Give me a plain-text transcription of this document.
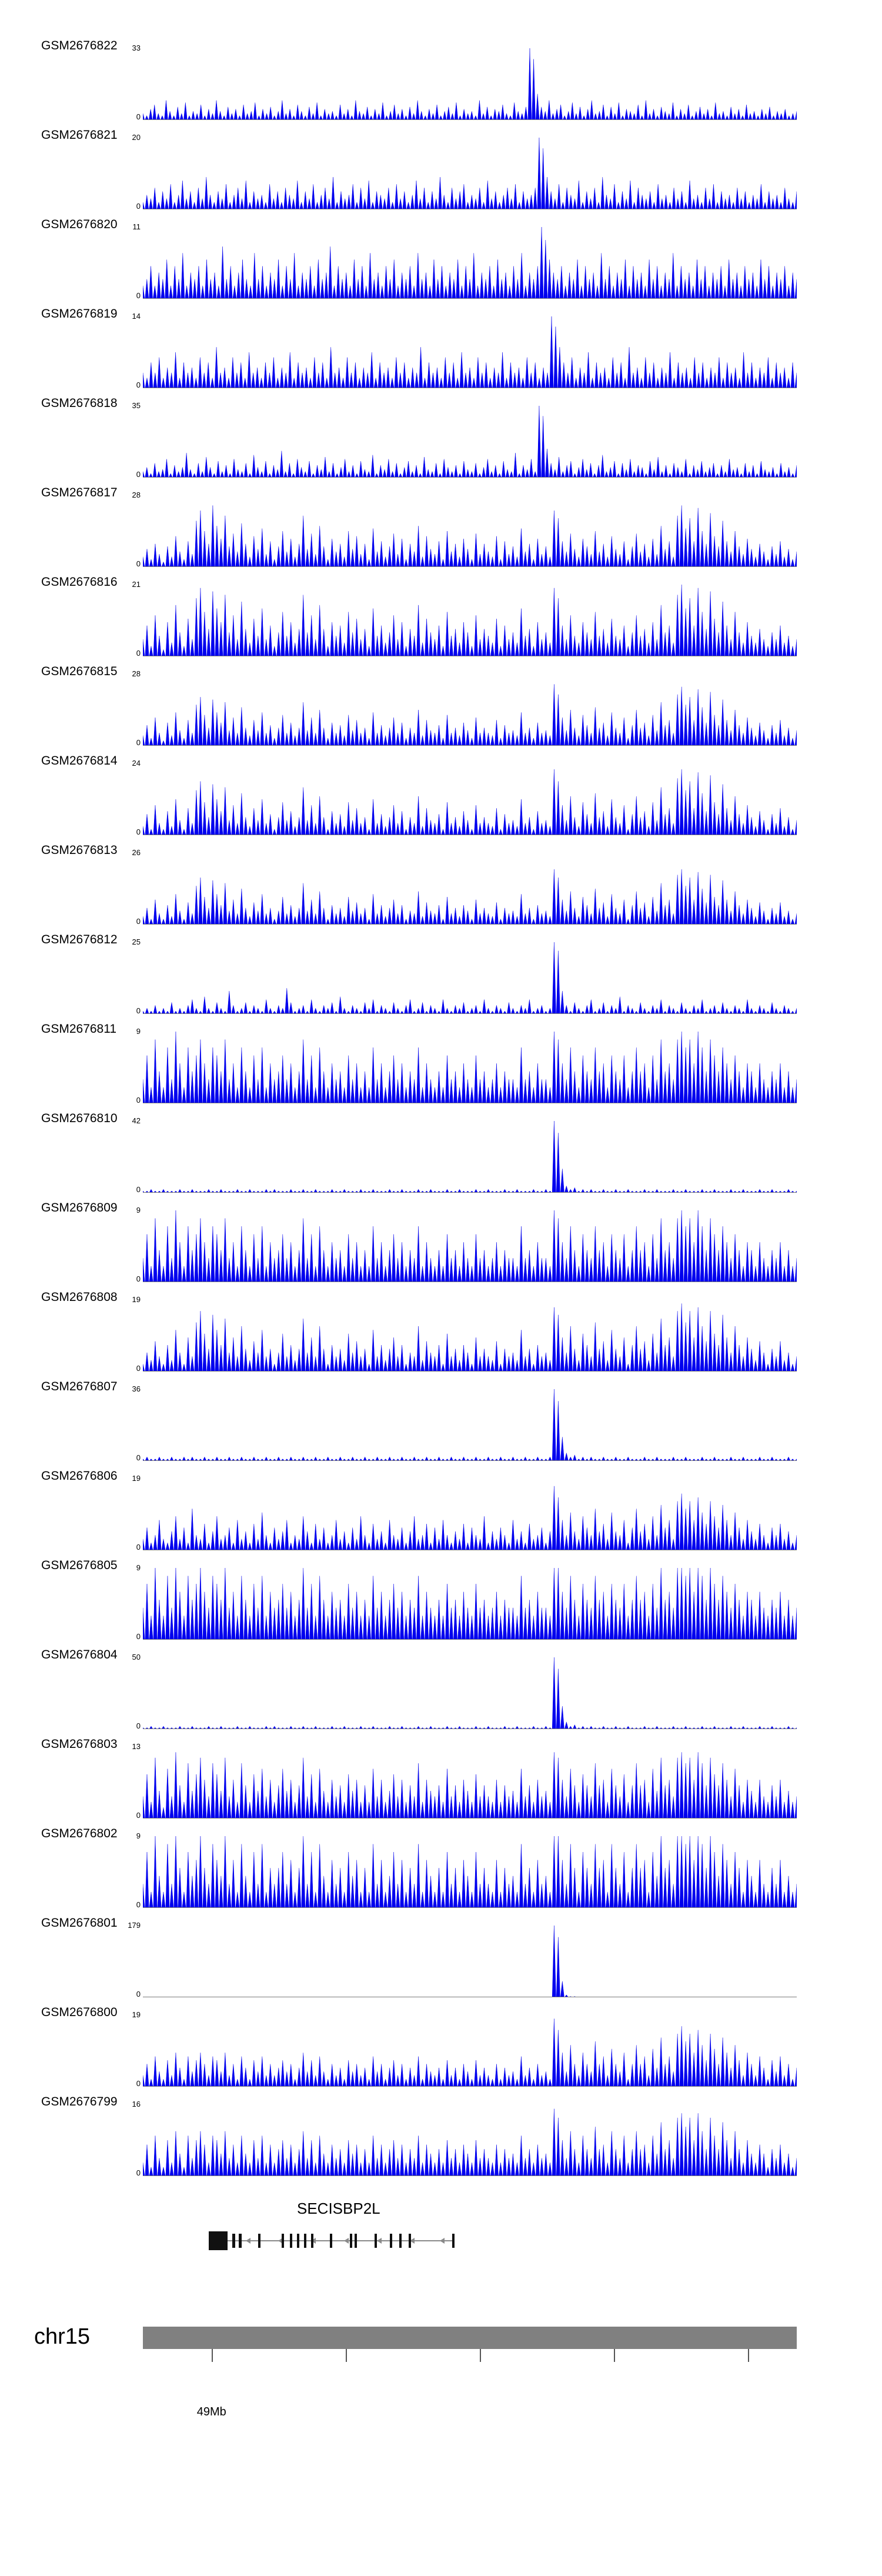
GSM2676822	33
0
GSM2676821	20
0
GSM2676820	11
0
GSM2676819	14
0
GSM2676818	35
0
GSM2676817	28
0
GSM2676816	21
0
GSM2676815	28
0
GSM2676814	24
0
GSM2676813	26
0
GSM2676812	25
0
GSM2676811	9
0
GSM2676810	42
0
GSM2676809	9
0
GSM2676808	19
0
GSM2676807	36
0
GSM2676806	19
0
GSM2676805	9
0
GSM2676804	50
0
GSM2676803	13
0
GSM2676802	9
0
GSM2676801	179
0
GSM2676800	19
0
GSM2676799	16
0
SECISBP2L
chr15
49Mb
